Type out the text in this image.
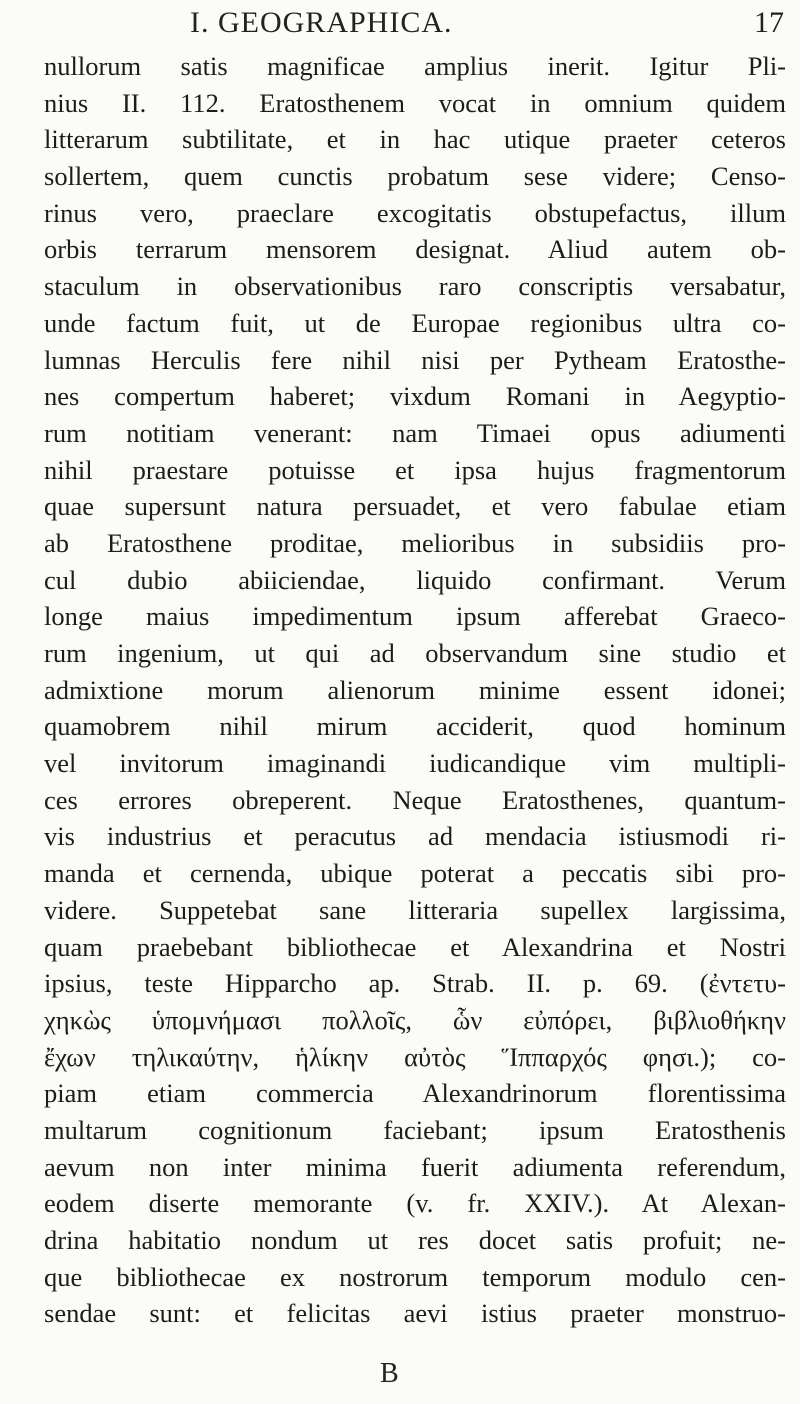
I. GEOGRAPHICA.	17
nullorum satis magnificae amplius inerit. Igitur Pli-
nius II. 112. Eratosthenem vocat in omnium quidem
litterarum subtilitate, et in hac utique praeter ceteros
sollertem, quem cunctis probatum sese videre; Censo-
rinus vero, praeclare excogitatis obstupefactus, illum
orbis terrarum mensorem designat. Aliud autem ob-
staculum in observationibus raro conscriptis versabatur,
unde factum fuit, ut de Europae regionibus ultra co-
lumnas Herculis fere nihil nisi per Pytheam Eratosthe-
nes compertum haberet; vixdum Romani in Aegyptio-
rum notitiam venerant: nam Timaei opus adiumenti
nihil praestare potuisse et ipsa hujus fragmentorum
quae supersunt natura persuadet, et vero fabulae etiam
ab Eratosthene proditae, melioribus in subsidiis pro-
cul dubio abiiciendae, liquido confirmant. Verum
longe maius impedimentum ipsum afferebat Graeco-
rum ingenium, ut qui ad observandum sine studio et
admixtione morum alienorum minime essent idonei;
quamobrem nihil mirum acciderit, quod hominum
vel invitorum imaginandi iudicandique vim multipli-
ces errores obreperent. Neque Eratosthenes, quantum-
vis industrius et peracutus ad mendacia istiusmodi ri-
manda et cernenda, ubique poterat a peccatis sibi pro-
videre. Suppetebat sane litteraria supellex largissima,
quam praebebant bibliothecae et Alexandrina et Nostri
ipsius, teste Hipparcho ap. Strab. II. p. 69. (ἐντετυ-
χηκὼς ὑπομνήμασι πολλοῖς, ὧν εὐπόρει, βιβλιοθήκην
ἔχων τηλικαύτην, ἡλίκην αὐτὸς Ἵππαρχός φησι.); co-
piam etiam commercia Alexandrinorum florentissima
multarum cognitionum faciebant; ipsum Eratosthenis
aevum non inter minima fuerit adiumenta referendum,
eodem diserte memorante (v. fr. XXIV.). At Alexan-
drina habitatio nondum ut res docet satis profuit; ne-
que bibliothecae ex nostrorum temporum modulo cen-
sendae sunt: et felicitas aevi istius praeter monstruo-
B
